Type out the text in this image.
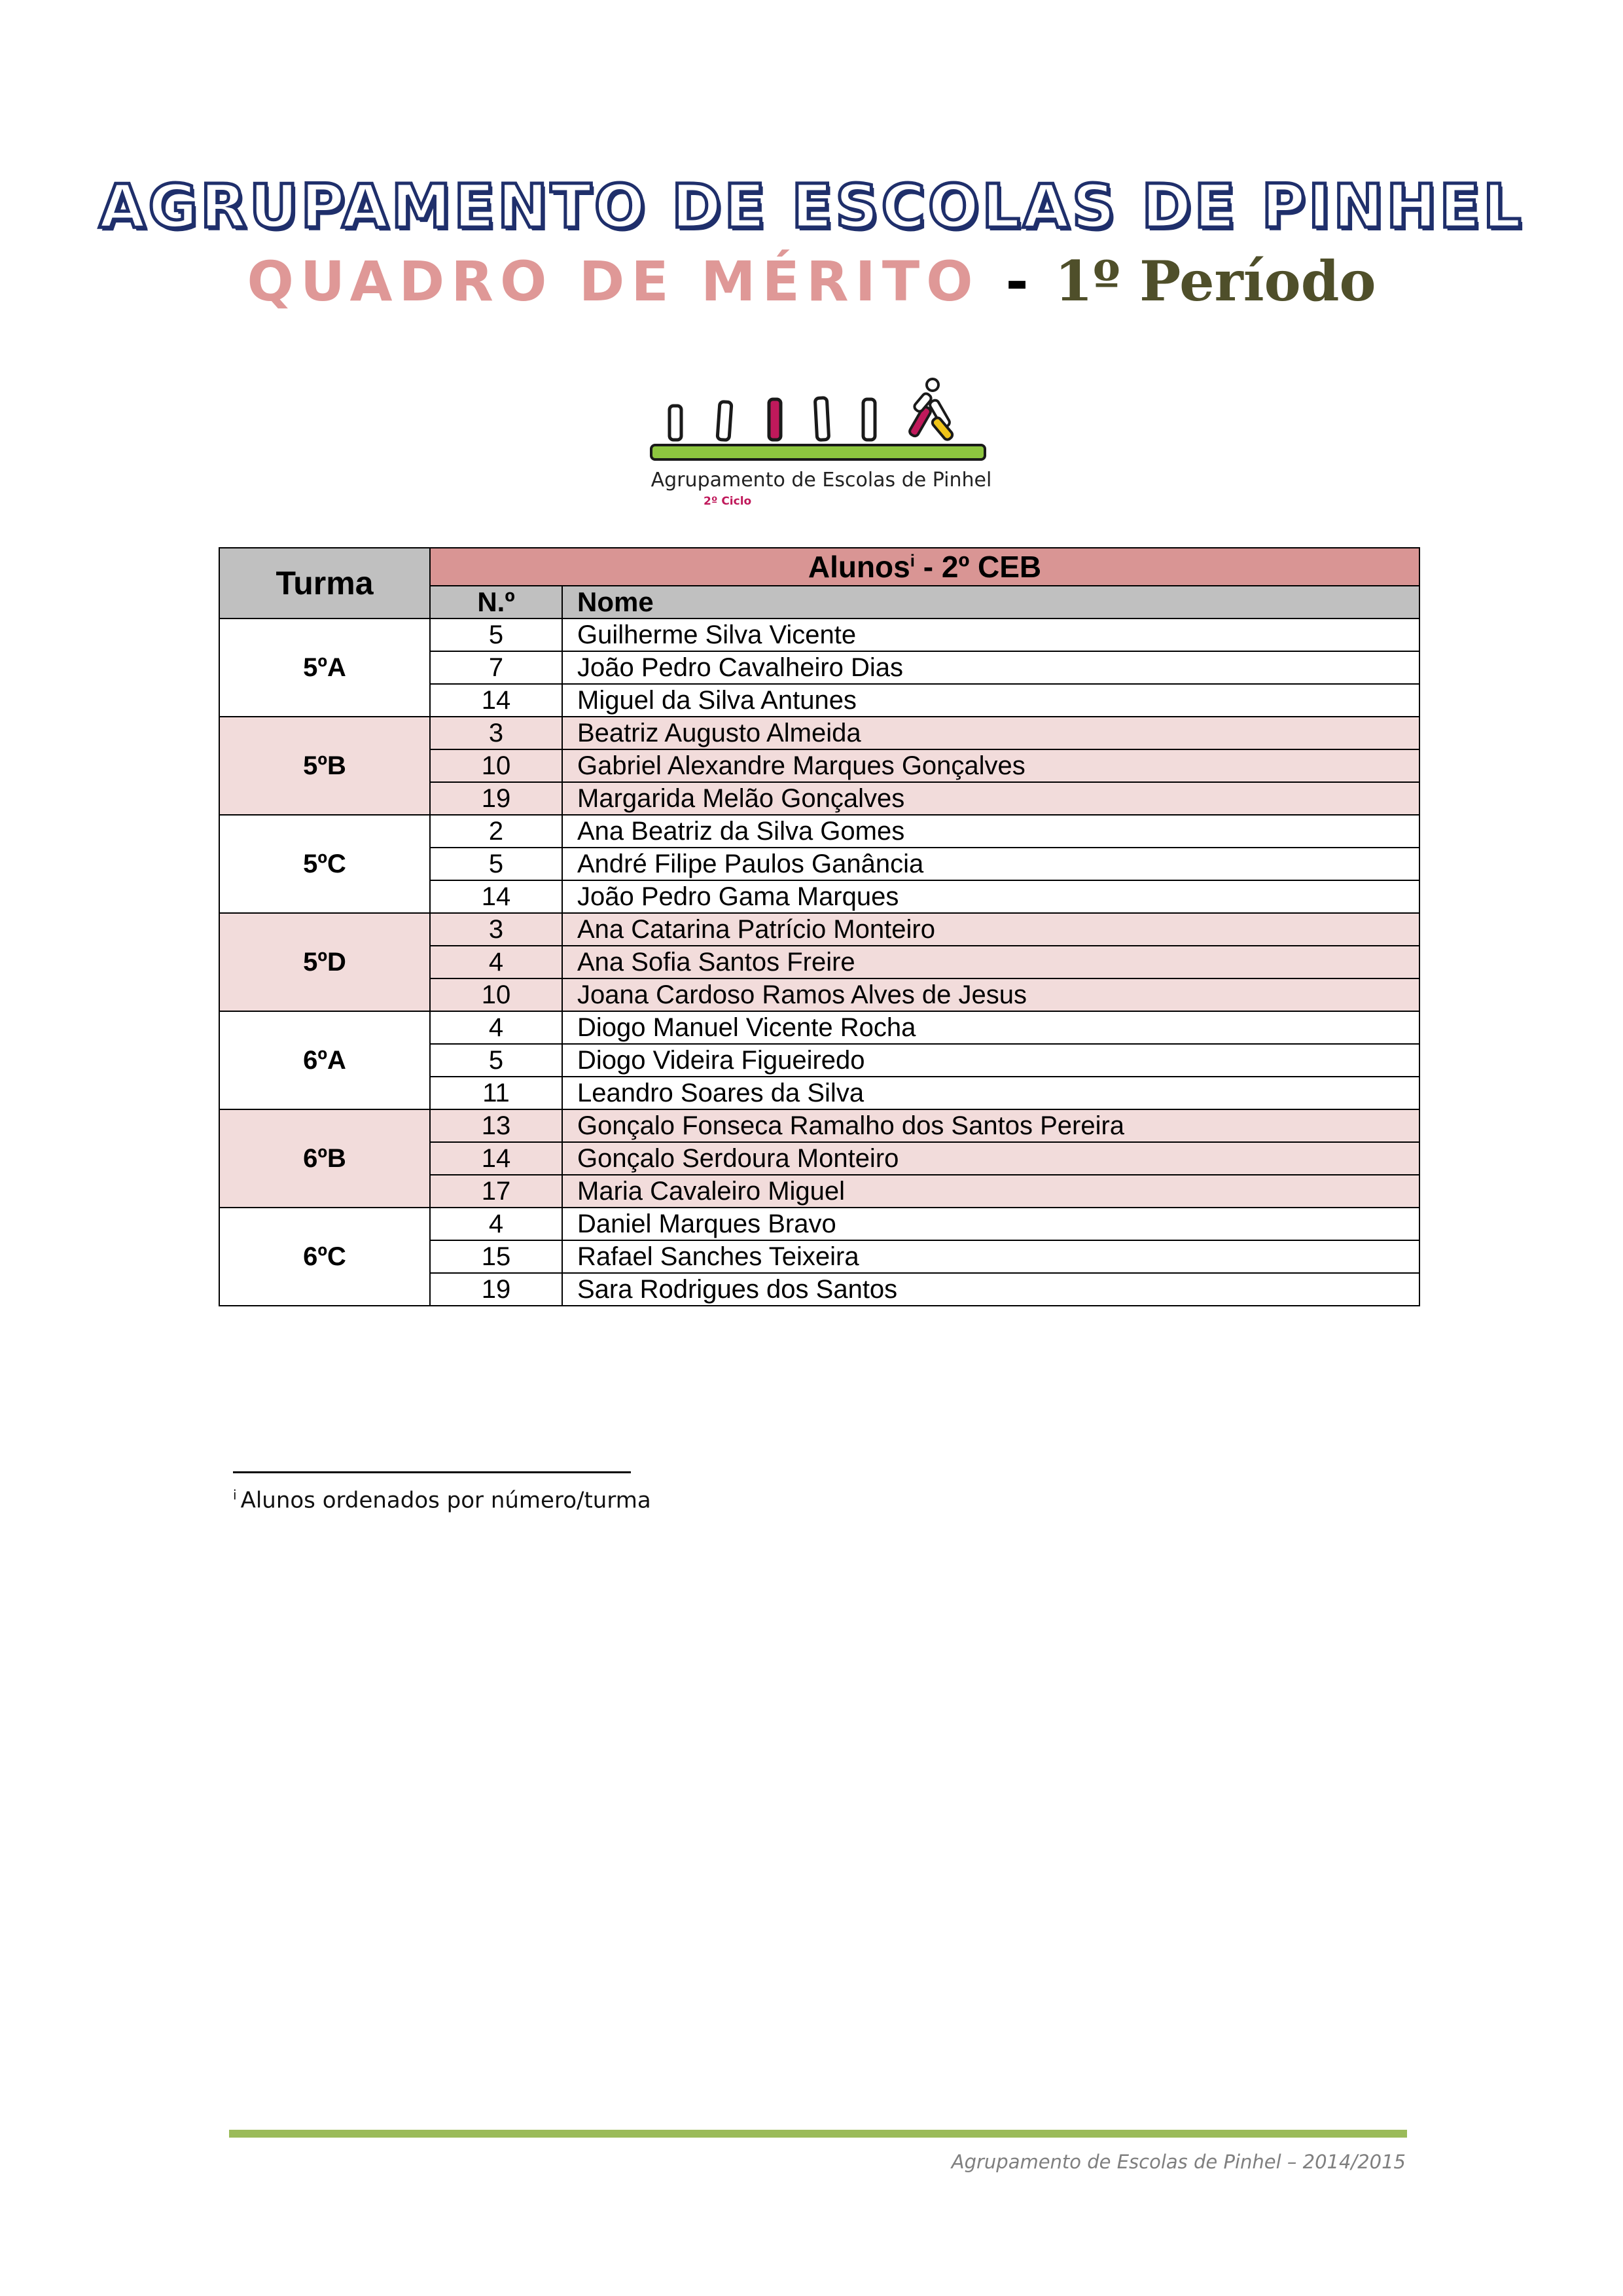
AGRUPAMENTO DE ESCOLAS DE PINHEL
QUADRO DE MÉRITO - 1º Período
Agrupamento de Escolas de Pinhel
2º Ciclo
Turma	Alunos$^i$ - 2º CEB	
	N.º	Nome
5ºA	5	Guilherme Silva Vicente
	7	João Pedro Cavalheiro Dias
	14	Miguel da Silva Antunes
5ºB	3	Beatriz Augusto Almeida
	10	Gabriel Alexandre Marques Gonçalves
	19	Margarida Melão Gonçalves
5ºC	2	Ana Beatriz da Silva Gomes
	5	André Filipe Paulos Ganância
	14	João Pedro Gama Marques
5ºD	3	Ana Catarina Patrício Monteiro
	4	Ana Sofia Santos Freire
	10	Joana Cardoso Ramos Alves de Jesus
6ºA	4	Diogo Manuel Vicente Rocha
	5	Diogo Videira Figueiredo
	11	Leandro Soares da Silva
6ºB	13	Gonçalo Fonseca Ramalho dos Santos Pereira
	14	Gonçalo Serdoura Monteiro
	17	Maria Cavaleiro Miguel
6ºC	4	Daniel Marques Bravo
	15	Rafael Sanches Teixeira
	19	Sara Rodrigues dos Santos
$^i$ Alunos ordenados por número/turma
Agrupamento de Escolas de Pinhel – 2014/2015
